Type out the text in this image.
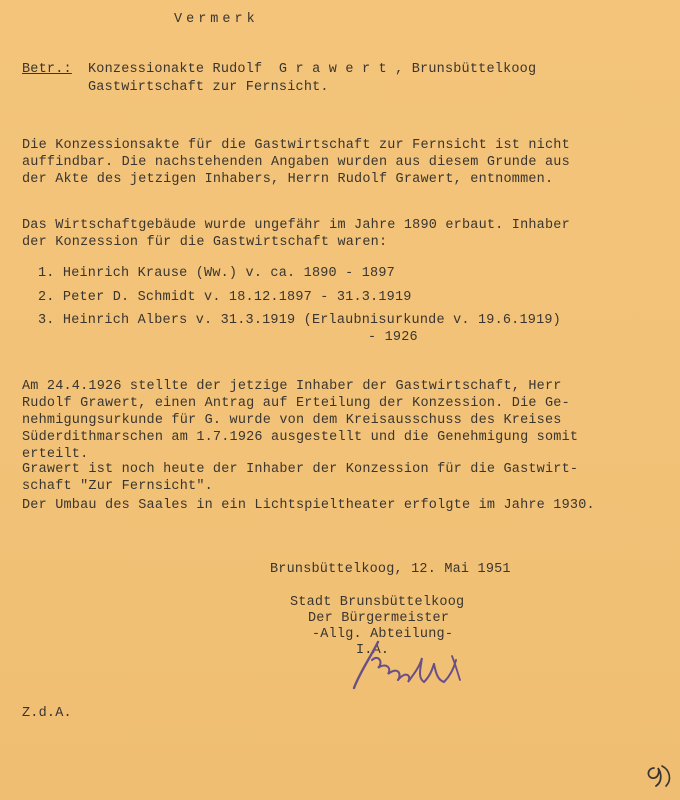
Vermerk
Betr.: Konzessionakte Rudolf  G r a w e r t , Brunsbüttelkoog
Gastwirtschaft zur Fernsicht.
Die Konzessionsakte für die Gastwirtschaft zur Fernsicht ist nicht
auffindbar. Die nachstehenden Angaben wurden aus diesem Grunde aus
der Akte des jetzigen Inhabers, Herrn Rudolf Grawert, entnommen.
Das Wirtschaftgebäude wurde ungefähr im Jahre 1890 erbaut. Inhaber
der Konzession für die Gastwirtschaft waren:
1. Heinrich Krause (Ww.) v. ca. 1890 - 1897
2. Peter D. Schmidt v. 18.12.1897 - 31.3.1919
3. Heinrich Albers v. 31.3.1919 (Erlaubnisurkunde v. 19.6.1919)
- 1926
Am 24.4.1926 stellte der jetzige Inhaber der Gastwirtschaft, Herr
Rudolf Grawert, einen Antrag auf Erteilung der Konzession. Die Ge-
nehmigungsurkunde für G. wurde von dem Kreisausschuss des Kreises
Süderdithmarschen am 1.7.1926 ausgestellt und die Genehmigung somit
erteilt.
Grawert ist noch heute der Inhaber der Konzession für die Gastwirt-
schaft "Zur Fernsicht".
Der Umbau des Saales in ein Lichtspieltheater erfolgte im Jahre 1930.
Brunsbüttelkoog, 12. Mai 1951
Stadt Brunsbüttelkoog
Der Bürgermeister
-Allg. Abteilung-
I.A.
Z.d.A.
